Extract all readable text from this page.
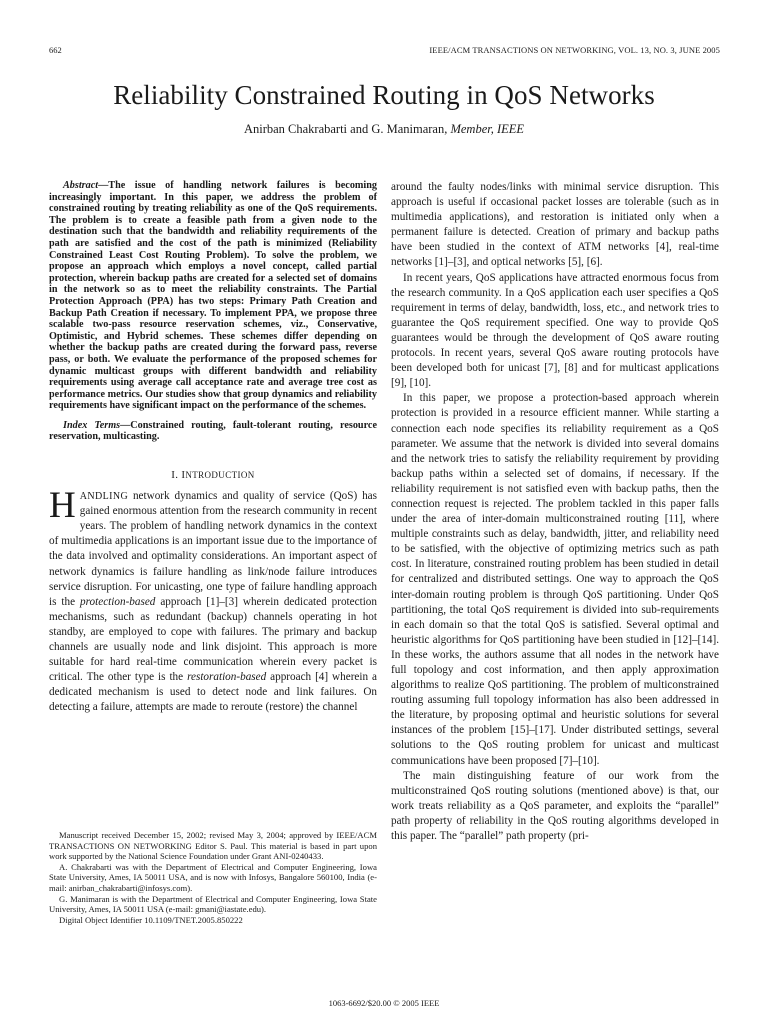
662	IEEE/ACM TRANSACTIONS ON NETWORKING, VOL. 13, NO. 3, JUNE 2005
Reliability Constrained Routing in QoS Networks
Anirban Chakrabarti and G. Manimaran, Member, IEEE

Abstract—The issue of handling network failures is becoming increasingly important. In this paper, we address the problem of constrained routing by treating reliability as one of the QoS requirements. The problem is to create a feasible path from a given node to the destination such that the bandwidth and reliability requirements of the path are satisfied and the cost of the path is minimized (Reliability Constrained Least Cost Routing Problem). To solve the problem, we propose an approach which employs a novel concept, called partial protection, wherein backup paths are created for a selected set of domains in the network so as to meet the reliability constraints. The Partial Protection Approach (PPA) has two steps: Primary Path Creation and Backup Path Creation if necessary. To implement PPA, we propose three scalable two-pass resource reservation schemes, viz., Conservative, Optimistic, and Hybrid schemes. These schemes differ depending on whether the backup paths are created during the forward pass, reverse pass, or both. We evaluate the performance of the proposed schemes for dynamic multicast groups with different bandwidth and reliability requirements using average call acceptance rate and average tree cost as performance metrics. Our studies show that group dynamics and reliability requirements have significant impact on the performance of the schemes.

Index Terms—Constrained routing, fault-tolerant routing, resource reservation, multicasting.

I. INTRODUCTION

HANDLING network dynamics and quality of service (QoS) has gained enormous attention from the research community in recent years. The problem of handling network dynamics in the context of multimedia applications is an important issue due to the importance of the data involved and optimality considerations. An important aspect of network dynamics is failure handling as link/node failure introduces service disruption. For unicasting, one type of failure handling approach is the protection-based approach [1]–[3] wherein dedicated protection mechanisms, such as redundant (backup) channels operating in hot standby, are employed to cope with failures. The primary and backup channels are usually node and link disjoint. This approach is more suitable for hard real-time communication wherein every packet is critical. The other type is the restoration-based approach [4] wherein a dedicated mechanism is used to detect node and link failures. On detecting a failure, attempts are made to reroute (restore) the channel

Manuscript received December 15, 2002; revised May 3, 2004; approved by IEEE/ACM TRANSACTIONS ON NETWORKING Editor S. Paul. This material is based in part upon work supported by the National Science Foundation under Grant ANI-0240433.

A. Chakrabarti was with the Department of Electrical and Computer Engineering, Iowa State University, Ames, IA 50011 USA, and is now with Infosys, Bangalore 560100, India (e-mail: anirban_chakrabarti@infosys.com).

G. Manimaran is with the Department of Electrical and Computer Engineering, Iowa State University, Ames, IA 50011 USA (e-mail: gmani@iastate.edu).

Digital Object Identifier 10.1109/TNET.2005.850222

around the faulty nodes/links with minimal service disruption. This approach is useful if occasional packet losses are tolerable (such as in multimedia applications), and restoration is initiated only when a permanent failure is detected. Creation of primary and backup paths have been studied in the context of ATM networks [4], real-time networks [1]–[3], and optical networks [5], [6].

In recent years, QoS applications have attracted enormous focus from the research community. In a QoS application each user specifies a QoS requirement in terms of delay, bandwidth, loss, etc., and network tries to guarantee the QoS requirement specified. One way to provide QoS guarantees would be through the development of QoS aware routing protocols. In recent years, several QoS aware routing protocols have been developed both for unicast [7], [8] and for multicast applications [9], [10].

In this paper, we propose a protection-based approach wherein protection is provided in a resource efficient manner. While starting a connection each node specifies its reliability requirement as a QoS parameter. We assume that the network is divided into several domains and the network tries to satisfy the reliability requirement by providing backup paths within a selected set of domains, if necessary. If the reliability requirement is not satisfied even with backup paths, then the connection request is rejected. The problem tackled in this paper falls under the area of inter-domain multiconstrained routing [11], where multiple constraints such as delay, bandwidth, jitter, and reliability need to be satisfied, with the objective of optimizing metrics such as path cost. In literature, constrained routing problem has been studied in detail for centralized and distributed settings. One way to approach the QoS inter-domain routing problem is through QoS partitioning. Under QoS partitioning, the total QoS requirement is divided into sub-requirements in each domain so that the total QoS is satisfied. Several optimal and heuristic algorithms for QoS partitioning have been studied in [12]–[14]. In these works, the authors assume that all nodes in the network have full topology and cost information, and then apply approximation algorithms to realize QoS partitioning. The problem of multiconstrained routing assuming full topology information has also been addressed in the literature, by proposing optimal and heuristic solutions for several instances of the problem [15]–[17]. Under distributed settings, several solutions to the QoS routing problem for unicast and multicast communications have been proposed [7]–[10].

The main distinguishing feature of our work from the multiconstrained QoS routing solutions (mentioned above) is that, our work treats reliability as a QoS parameter, and exploits the “parallel” path property of reliability in the QoS routing algorithms developed in this paper. The “parallel” path property (pri-

1063-6692/$20.00 © 2005 IEEE
